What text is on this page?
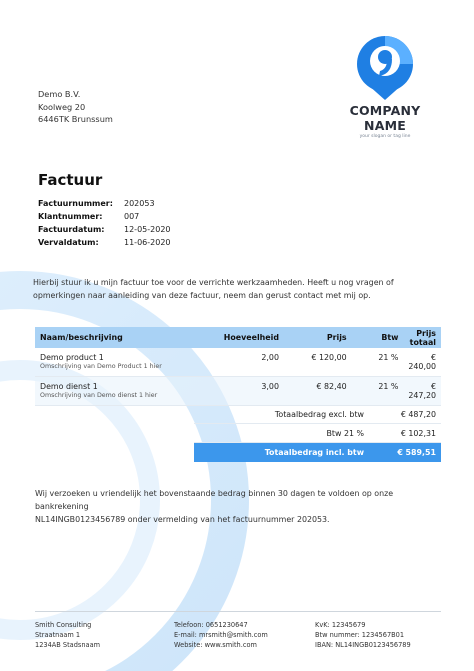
COMPANY NAME
your slogan or tag line
Demo B.V.
Koolweg 20
6446TK Brunssum
Factuur
Factuurnummer:	202053
Klantnummer:	007
Factuurdatum:	12-05-2020
Vervaldatum:	11-06-2020
Hierbij stuur ik u mijn factuur toe voor de verrichte werkzaamheden. Heeft u nog vragen of opmerkingen naar aanleiding van deze factuur, neem dan gerust contact met mij op.
Naam/beschrijving	Hoeveelheid	Prijs	Btw	Prijs totaal

Demo product 1
Omschrijving van Demo Product 1 hier	2,00	€ 120,00	21 %	€ 240,00

Demo dienst 1
Omschrijving van Demo dienst 1 hier	3,00	€ 82,40	21 %	€ 247,20
Totaalbedrag excl. btw	€ 487,20
Btw 21 %	€ 102,31
Totaalbedrag incl. btw	€ 589,51
Wij verzoeken u vriendelijk het bovenstaande bedrag binnen 30 dagen te voldoen op onze bankrekening
NL14INGB0123456789 onder vermelding van het factuurnummer 202053.
Smith Consulting
Straatnaam 1
1234AB Stadsnaam
Telefoon: 0651230647
E-mail: mrsmith@smith.com
Website: www.smith.com
KvK: 12345679
Btw nummer: 1234567B01
IBAN: NL14INGB0123456789
